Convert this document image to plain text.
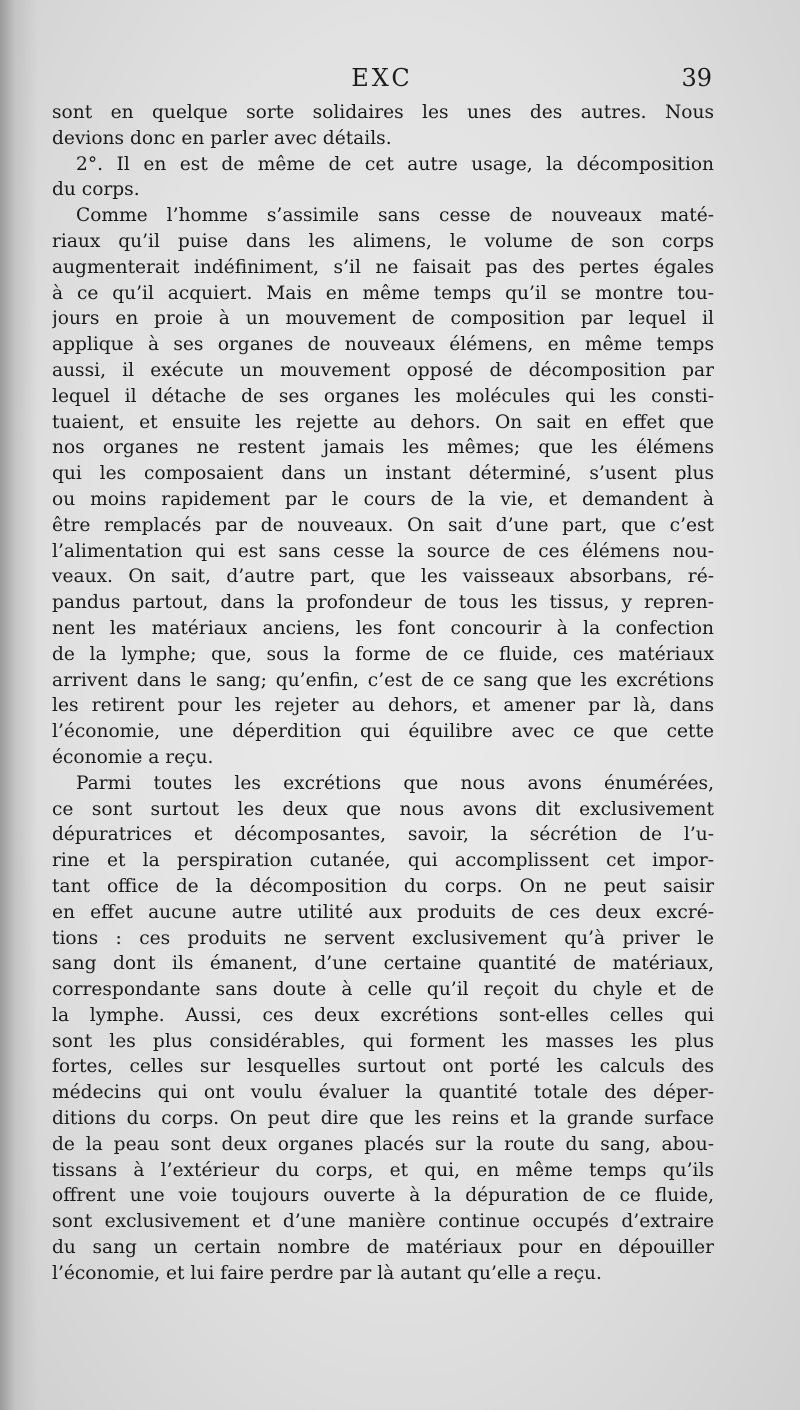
EXC	39
sont en quelque sorte solidaires les unes des autres. Nous
devions donc en parler avec détails.
2°. Il en est de même de cet autre usage, la décomposition
du corps.
Comme l’homme s’assimile sans cesse de nouveaux maté-
riaux qu’il puise dans les alimens, le volume de son corps
augmenterait indéfiniment, s’il ne faisait pas des pertes égales
à ce qu’il acquiert. Mais en même temps qu’il se montre tou-
jours en proie à un mouvement de composition par lequel il
applique à ses organes de nouveaux élémens, en même temps
aussi, il exécute un mouvement opposé de décomposition par
lequel il détache de ses organes les molécules qui les consti-
tuaient, et ensuite les rejette au dehors. On sait en effet que
nos organes ne restent jamais les mêmes; que les élémens
qui les composaient dans un instant déterminé, s’usent plus
ou moins rapidement par le cours de la vie, et demandent à
être remplacés par de nouveaux. On sait d’une part, que c’est
l’alimentation qui est sans cesse la source de ces élémens nou-
veaux. On sait, d’autre part, que les vaisseaux absorbans, ré-
pandus partout, dans la profondeur de tous les tissus, y repren-
nent les matériaux anciens, les font concourir à la confection
de la lymphe; que, sous la forme de ce fluide, ces matériaux
arrivent dans le sang; qu’enfin, c’est de ce sang que les excrétions
les retirent pour les rejeter au dehors, et amener par là, dans
l’économie, une déperdition qui équilibre avec ce que cette
économie a reçu.
Parmi toutes les excrétions que nous avons énumérées,
ce sont surtout les deux que nous avons dit exclusivement
dépuratrices et décomposantes, savoir, la sécrétion de l’u-
rine et la perspiration cutanée, qui accomplissent cet impor-
tant office de la décomposition du corps. On ne peut saisir
en effet aucune autre utilité aux produits de ces deux excré-
tions : ces produits ne servent exclusivement qu’à priver le
sang dont ils émanent, d’une certaine quantité de matériaux,
correspondante sans doute à celle qu’il reçoit du chyle et de
la lymphe. Aussi, ces deux excrétions sont-elles celles qui
sont les plus considérables, qui forment les masses les plus
fortes, celles sur lesquelles surtout ont porté les calculs des
médecins qui ont voulu évaluer la quantité totale des déper-
ditions du corps. On peut dire que les reins et la grande surface
de la peau sont deux organes placés sur la route du sang, abou-
tissans à l’extérieur du corps, et qui, en même temps qu’ils
offrent une voie toujours ouverte à la dépuration de ce fluide,
sont exclusivement et d’une manière continue occupés d’extraire
du sang un certain nombre de matériaux pour en dépouiller
l’économie, et lui faire perdre par là autant qu’elle a reçu.
